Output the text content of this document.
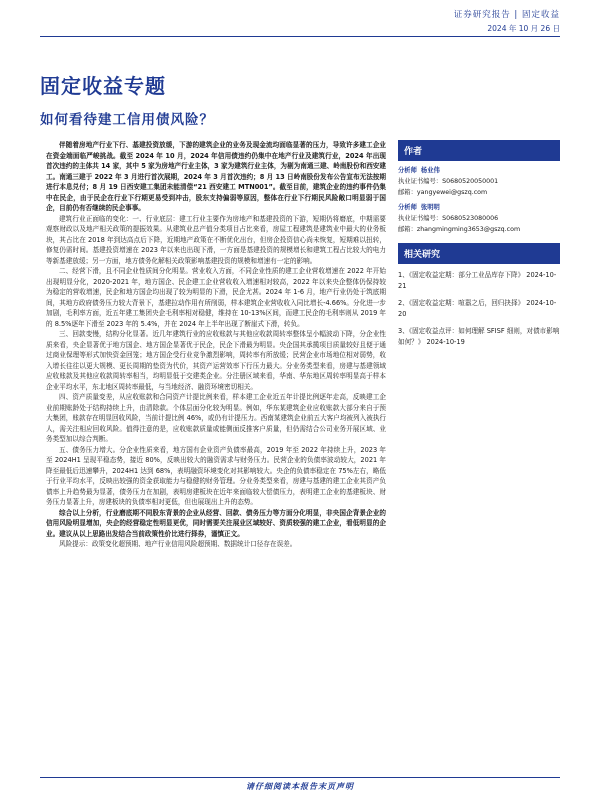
证券研究报告 | 固定收益
2024 年 10 月 26 日
固定收益专题
如何看待建工信用债风险？

伴随着房地产行业下行、基建投资放缓，下游的建筑企业的业务及现金流均面临显著的压力，导致许多建工企业在资金端面临严峻挑战。截至 2024 年 10 月，2024 年信用债违约仍集中在地产行业及建筑行业，2024 年出现首次违约的主体共 14 家，其中 5 家为房地产行业主体，3 家为建筑行业主体，为剔为南通三建、岭南股份和西安建工。南通三建于 2022 年 3 月进行首次展期，2024 年 3 月首次违约；8 月 13 日岭南股份发布公告宣布无法按期进行本息兑付；8 月 19 日西安建工集团未能清偿“21 西安建工 MTN001”。截至目前，建筑企业的违约事件仍集中在民企，由于民企在行业下行期更易受到冲击，股东支持偏弱等原因，整体在行业下行期民风险敞口明显弱于国企，目前仍有否继续的民企事事。

建筑行业正面临的变化：一、行业底层：建工行业主要作为房地产和基建投资的下游，短期仍将磨底，中期需要观察财政以及地产相关政策的提振效果。从建筑业总产值分类项目占比来看，房屋工程建筑是建筑业中最大的业务板块，其占比在 2018 年到达高点后下降，近期地产政策在不断优化出台，但房企投资信心尚未恢复，短期难以扭转，修复仍需时间。基建投资增速在 2023 年以来也出现下滑，一方面是基建投资的规模增长和建筑工程占比较大的电力等新基建放缓；另一方面，地方债务化解相关政策影响基建投资的规模和增速有一定的影响。

二、经营下滑，且不同企业性质间分化明显。营业收入方面，不同企业性质的建工企业营收增速在 2022 年开始出现明显分化，2020-2021 年，地方国企、民企建工企业营收收入增速相对较高，2022 年以来央企整体仍保持较为稳定的营收增速，民企和地方国企均出现了较为明显的下滑，民企尤甚。2024 年 1-6 月，地产行业仍处于筑底期间，其地方政府债务压力较大背景下，基建拉动作用有所削弱，样本建筑企业营收收入同比增长-4.66%。分化进一步加剧，毛利率方面，近五年建工集团央企毛利率相对稳健，维持在 10-13%区间，而建工民企的毛利率则从 2019 年的 8.5%逐年下滑至 2023 年的 5.4%，并在 2024 年上半年出现了断崖式下滑，转负。

三、回款变慢，结构分化显著。近几年建筑行业的应收账款与其他应收款周转率整体呈小幅波动下降，分企业性质来看，央企显著优于地方国企、地方国企显著优于民企，民企下滑最为明显。央企国其承揽项目质量较好且便于通过商业保理等形式加快资金回笼；地方国企受行业竞争激烈影响，周转率有所放缓；民营企业市场地位相对弱势，收入增长往往以更大规模、更长周期的垫资为代价，其资产运营效率下行压力最大。分业务类型来看，房建与基建领域应收账款及其他应收款周转率相当，均明显低于交建类企业。分注册区域来看，华南、华东地区周转率明显高于样本企业平均水平，东北地区周转率最低，与当地经济、融资环境密切相关。

四、资产质量变差，从应收账款和合同资产计提比例来看，样本建工企业近五年计提比例逐年走高，反映建工企业前期账龄处于结构持续上升，由清除款。个体层面分化较为明显。例如，华东某建筑企业应收账款大部分来自于预大集团，账款存在明显回收风险，当前计提比例 46%，或仍有计提压力。西南某建筑企业前五大客户均被列入被执行人，需关注相应回收风险。值得注意的是，应收账款质量或能侧面反推客户质量，但仍需结合公司业务开展区域、业务类型加以综合判断。

五、债务压力增大。分企业性质来看，地方国有企业资产负债率最高，2019 年至 2022 年持续上升，2023 年至 2024H1 呈现平稳态势，接近 80%，反映出较大的融资需求与财务压力。民营企业的负债率波动较大，2021 年降至最低后迅速攀升，2024H1 达到 68%，表明融资环境变化对其影响较大。央企的负债率稳定在 75%左右，略低于行业平均水平，反映出较强的资金获取能力与稳健的财务管理。分业务类型来看，房建与基建的建工企业其资产负债率上升趋势最为显著，债务压力在加剧，表明房建板块在近年来面临较大偿债压力，表明建工企业的基建板块、财务压力显著上升，房建板块的负债率相对更低，但也展现出上升的态势。

综合以上分析，行业磨底期不同股东背景的企业从经营、回款、债务压力等方面分化明显，非央国企背景企业的信用风险明显增加，央企的经营稳定性明显更优，同时需要关注展业区域较好、资质较强的建工企业，看低明显的企业。建议从以上思路出发结合当前政策性价比进行择券，谨慎正文。

风险提示：政策变化超预期、地产行业信用风险超预期、数据统计口径存在误差。

作者
分析师 杨业伟
执业证书编号：S0680520050001
邮箱：yangyewei@gszq.com
分析师 张明明
执业证书编号：S0680523080006
邮箱：zhangmingming3653@gszq.com
相关研究
1、《固定收益定期：部分工业品库存下降》 2024-10-21
2、《固定收益定期：喧嚣之后，回归抉择》 2024-10-20
3、《固定收益点评：如何理解 SFISF 细则，对债市影响如何？》 2024-10-19
请仔细阅读本报告末页声明
